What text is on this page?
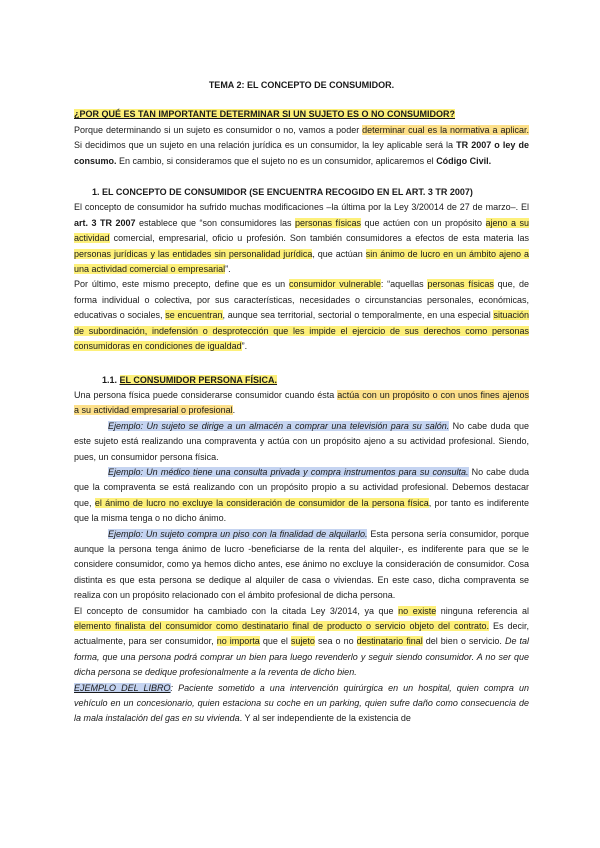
TEMA 2: EL CONCEPTO DE CONSUMIDOR.

¿POR QUÉ ES TAN IMPORTANTE DETERMINAR SI UN SUJETO ES O NO CONSUMIDOR?

Porque determinando si un sujeto es consumidor o no, vamos a poder determinar cual es la normativa a aplicar. Si decidimos que un sujeto en una relación jurídica es un consumidor, la ley aplicable será la TR 2007 o ley de consumo. En cambio, si consideramos que el sujeto no es un consumidor, aplicaremos el Código Civil.

1. EL CONCEPTO DE CONSUMIDOR (SE ENCUENTRA RECOGIDO EN EL ART. 3 TR 2007)

El concepto de consumidor ha sufrido muchas modificaciones –la última por la Ley 3/20014 de 27 de marzo–. El art. 3 TR 2007 establece que “son consumidores las personas físicas que actúen con un propósito ajeno a su actividad comercial, empresarial, oficio u profesión. Son también consumidores a efectos de esta materia las personas jurídicas y las entidades sin personalidad jurídica, que actúan sin ánimo de lucro en un ámbito ajeno a una actividad comercial o empresarial”.

Por último, este mismo precepto, define que es un consumidor vulnerable: “aquellas personas físicas que, de forma individual o colectiva, por sus características, necesidades o circunstancias personales, económicas, educativas o sociales, se encuentran, aunque sea territorial, sectorial o temporalmente, en una especial situación de subordinación, indefensión o desprotección que les impide el ejercicio de sus derechos como personas consumidoras en condiciones de igualdad”.

1.1. EL CONSUMIDOR PERSONA FÍSICA.

Una persona física puede considerarse consumidor cuando ésta actúa con un propósito o con unos fines ajenos a su actividad empresarial o profesional.

Ejemplo: Un sujeto se dirige a un almacén a comprar una televisión para su salón. No cabe duda que este sujeto está realizando una compraventa y actúa con un propósito ajeno a su actividad profesional. Siendo, pues, un consumidor persona física.

Ejemplo: Un médico tiene una consulta privada y compra instrumentos para su consulta. No cabe duda que la compraventa se está realizando con un propósito propio a su actividad profesional. Debemos destacar que, el ánimo de lucro no excluye la consideración de consumidor de la persona física, por tanto es indiferente que la misma tenga o no dicho ánimo.

Ejemplo: Un sujeto compra un piso con la finalidad de alquilarlo. Esta persona sería consumidor, porque aunque la persona tenga ánimo de lucro -beneficiarse de la renta del alquiler-, es indiferente para que se le considere consumidor, como ya hemos dicho antes, ese ánimo no excluye la consideración de consumidor. Cosa distinta es que esta persona se dedique al alquiler de casa o viviendas. En este caso, dicha compraventa se realiza con un propósito relacionado con el ámbito profesional de dicha persona.

El concepto de consumidor ha cambiado con la citada Ley 3/2014, ya que no existe ninguna referencia al elemento finalista del consumidor como destinatario final de producto o servicio objeto del contrato. Es decir, actualmente, para ser consumidor, no importa que el sujeto sea o no destinatario final del bien o servicio. De tal forma, que una persona podrá comprar un bien para luego revenderlo y seguir siendo consumidor. A no ser que dicha persona se dedique profesionalmente a la reventa de dicho bien.

EJEMPLO DEL LIBRO: Paciente sometido a una intervención quirúrgica en un hospital, quien compra un vehículo en un concesionario, quien estaciona su coche en un parking, quien sufre daño como consecuencia de la mala instalación del gas en su vivienda. Y al ser independiente de la existencia de
